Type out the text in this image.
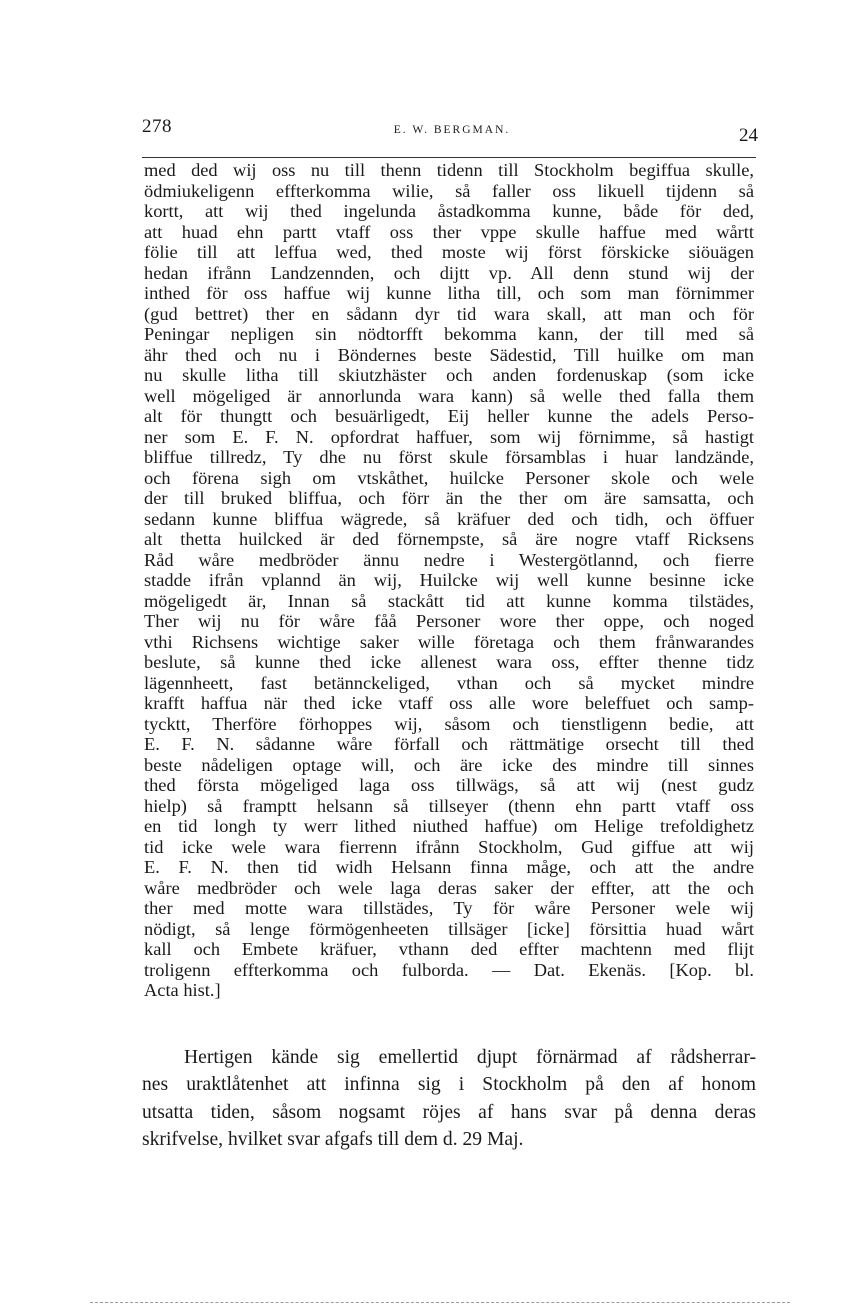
278	E. W. BERGMAN.	24
med ded wij oss nu till thenn tidenn till Stockholm begiffua skulle,
ödmiukeligenn effterkomma wilie, så faller oss likuell tijdenn så
kortt, att wij thed ingelunda åstadkomma kunne, både för ded,
att huad ehn partt vtaff oss ther vppe skulle haffue med wårtt
fölie till att leffua wed, thed moste wij först förskicke siöuägen
hedan ifrånn Landzennden, och dijtt vp. All denn stund wij der
inthed för oss haffue wij kunne litha till, och som man förnimmer
(gud bettret) ther en sådann dyr tid wara skall, att man och för
Peningar nepligen sin nödtorfft bekomma kann, der till med så
ähr thed och nu i Böndernes beste Sädestid, Till huilke om man
nu skulle litha till skiutzhäster och anden fordenuskap (som icke
well mögeliged är annorlunda wara kann) så welle thed falla them
alt för thungtt och besuärligedt, Eij heller kunne the adels Perso-
ner som E. F. N. opfordrat haffuer, som wij förnimme, så hastigt
bliffue tillredz, Ty dhe nu först skule församblas i huar landzände,
och förena sigh om vtskåthet, huilcke Personer skole och wele
der till bruked bliffua, och förr än the ther om äre samsatta, och
sedann kunne bliffua wägrede, så kräfuer ded och tidh, och öffuer
alt thetta huilcked är ded förnempste, så äre nogre vtaff Ricksens
Råd wåre medbröder ännu nedre i Westergötlannd, och fierre
stadde ifrån vplannd än wij, Huilcke wij well kunne besinne icke
mögeligedt är, Innan så stackått tid att kunne komma tilstädes,
Ther wij nu för wåre fåå Personer wore ther oppe, och noged
vthi Richsens wichtige saker wille företaga och them frånwarandes
beslute, så kunne thed icke allenest wara oss, effter thenne tidz
lägennheett, fast betännckeliged, vthan och så mycket mindre
krafft haffua när thed icke vtaff oss alle wore beleffuet och samp-
tycktt, Therföre förhoppes wij, såsom och tienstligenn bedie, att
E. F. N. sådanne wåre förfall och rättmätige orsecht till thed
beste nådeligen optage will, och äre icke des mindre till sinnes
thed första mögeliged laga oss tillwägs, så att wij (nest gudz
hielp) så framptt helsann så tillseyer (thenn ehn partt vtaff oss
en tid longh ty werr lithed niuthed haffue) om Helige trefoldighetz
tid icke wele wara fierrenn ifrånn Stockholm, Gud giffue att wij
E. F. N. then tid widh Helsann finna måge, och att the andre
wåre medbröder och wele laga deras saker der effter, att the och
ther med motte wara tillstädes, Ty för wåre Personer wele wij
nödigt, så lenge förmögenheeten tillsäger [icke] försittia huad wårt
kall och Embete kräfuer, vthann ded effter machtenn med flijt
troligenn effterkomma och fulborda. — Dat. Ekenäs. [Kop. bl.
Acta hist.]
Hertigen kände sig emellertid djupt förnärmad af rådsherrar-
nes uraktlåtenhet att infinna sig i Stockholm på den af honom
utsatta tiden, såsom nogsamt röjes af hans svar på denna deras
skrifvelse, hvilket svar afgafs till dem d. 29 Maj.
